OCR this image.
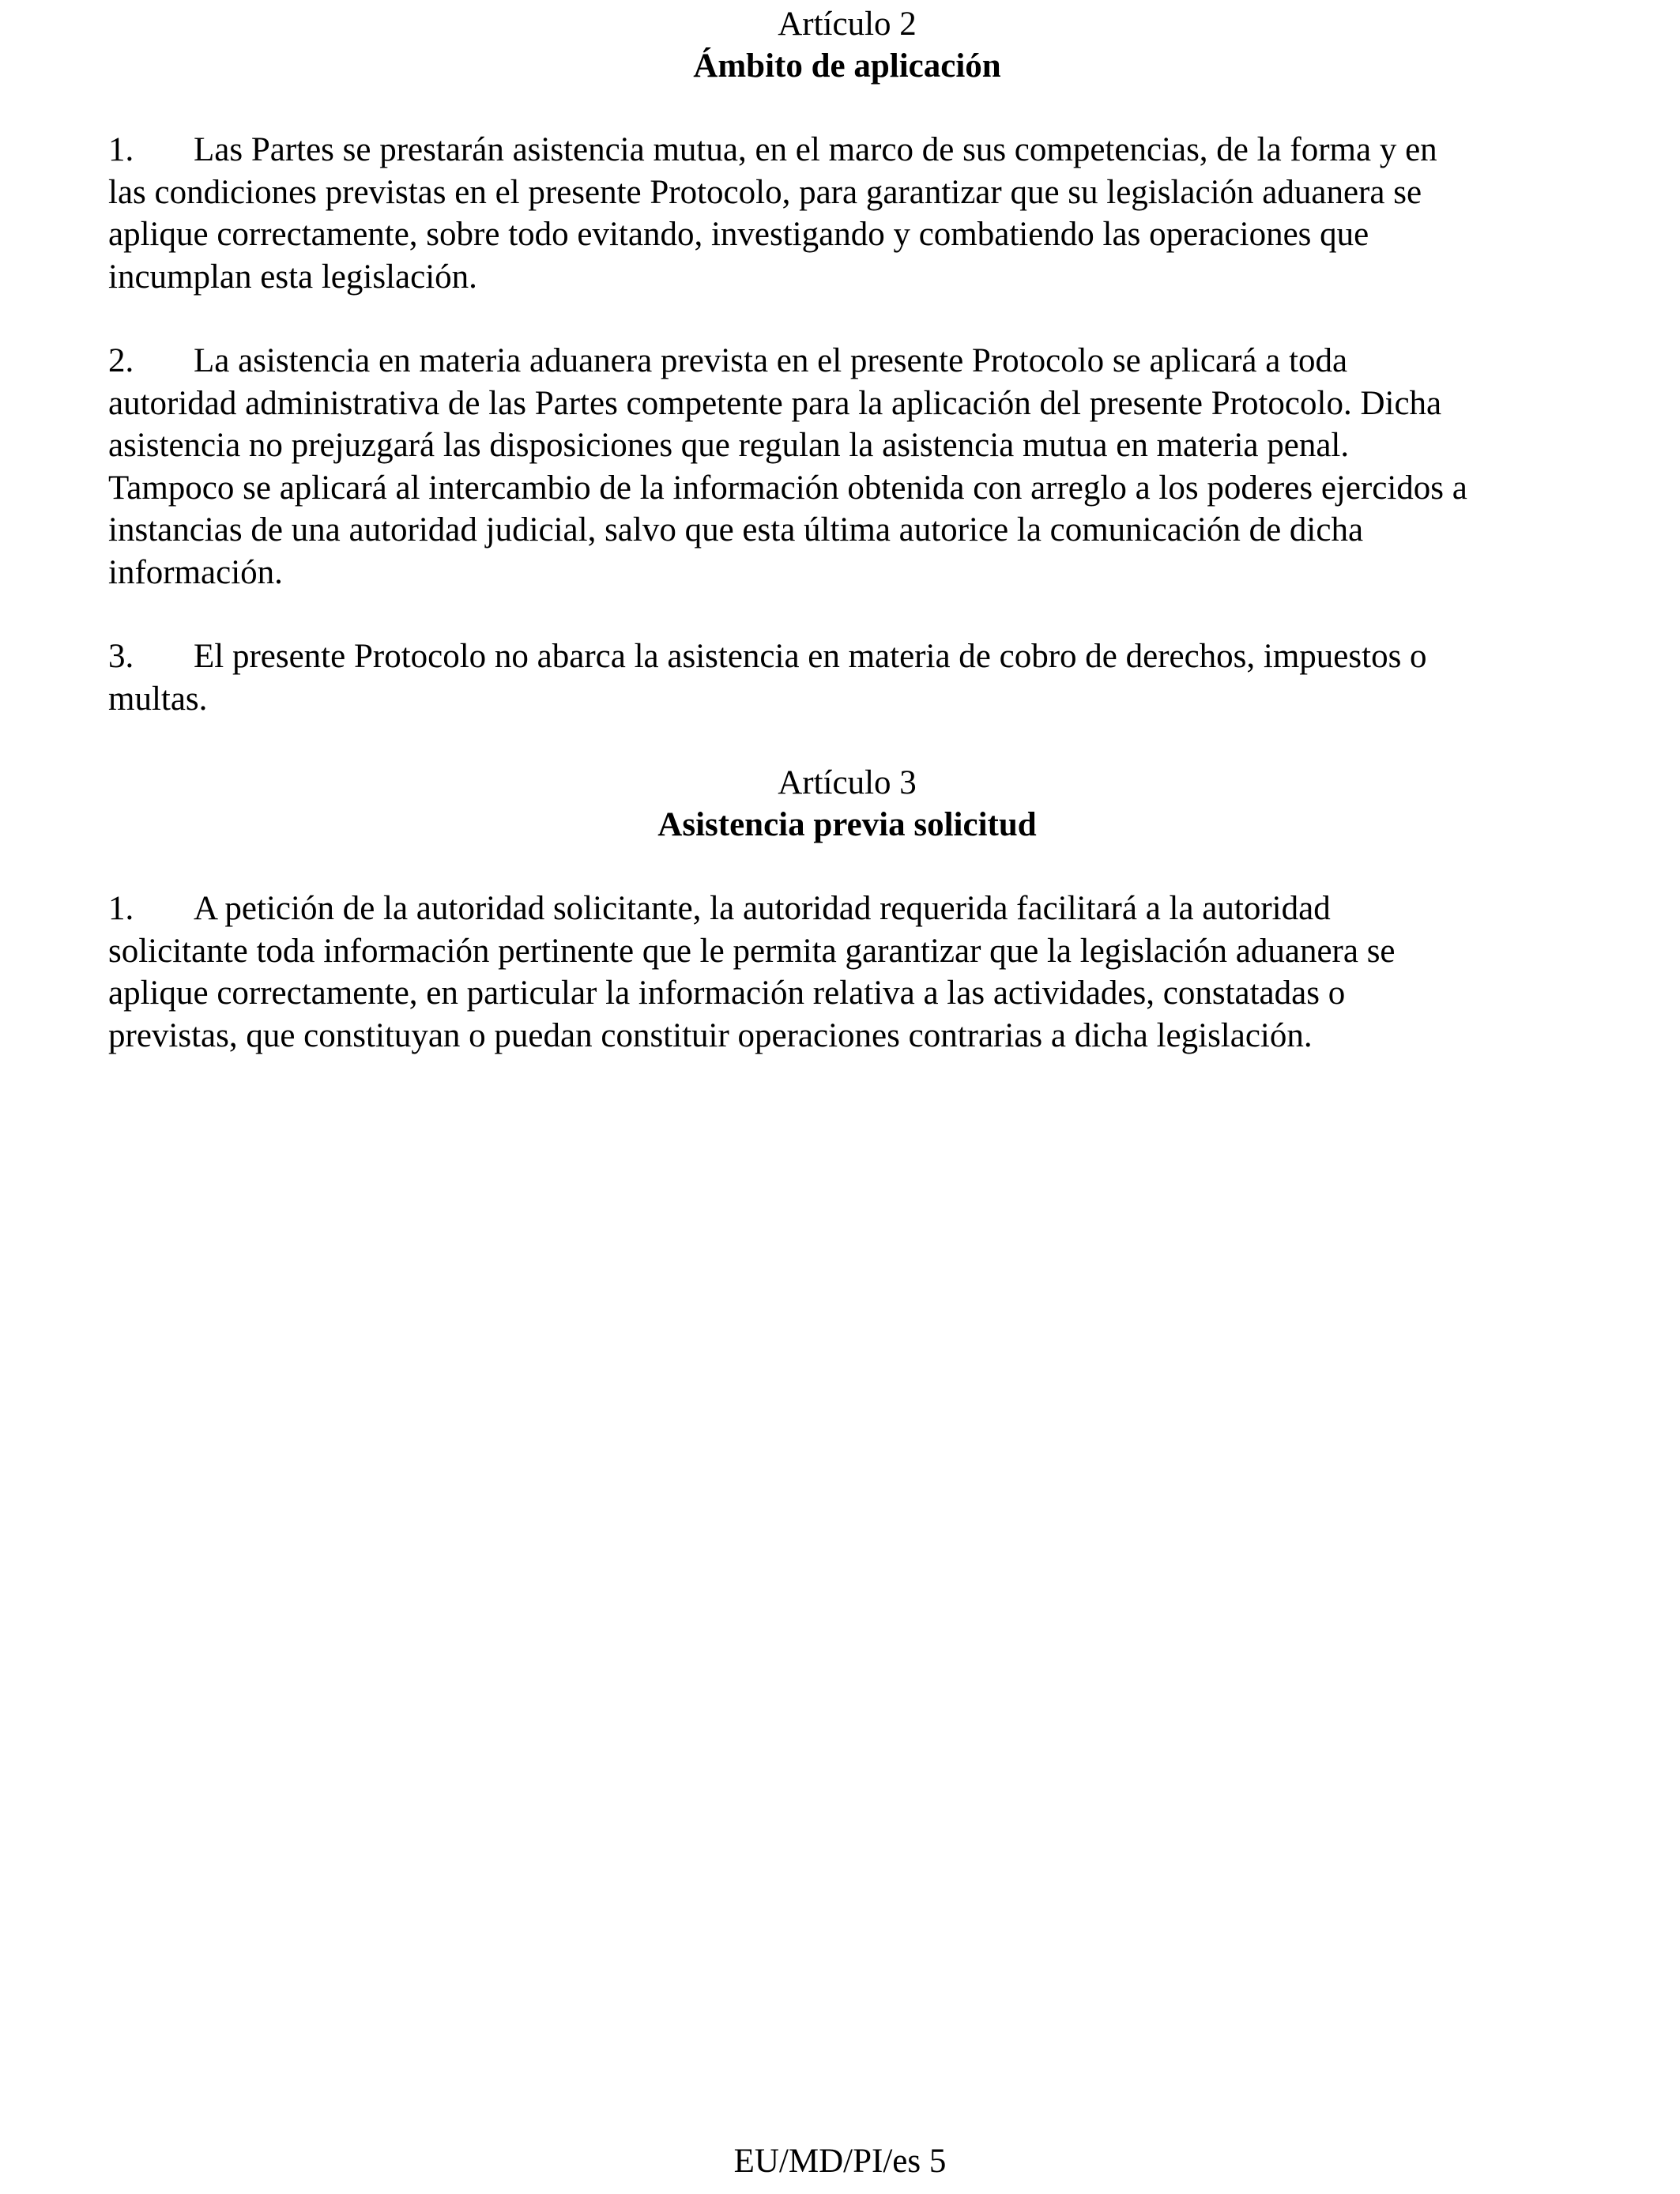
Artículo 2
Ámbito de aplicación
1. Las Partes se prestarán asistencia mutua, en el marco de sus competencias, de la forma y en
las condiciones previstas en el presente Protocolo, para garantizar que su legislación aduanera se
aplique correctamente, sobre todo evitando, investigando y combatiendo las operaciones que
incumplan esta legislación.
2. La asistencia en materia aduanera prevista en el presente Protocolo se aplicará a toda
autoridad administrativa de las Partes competente para la aplicación del presente Protocolo. Dicha
asistencia no prejuzgará las disposiciones que regulan la asistencia mutua en materia penal.
Tampoco se aplicará al intercambio de la información obtenida con arreglo a los poderes ejercidos a
instancias de una autoridad judicial, salvo que esta última autorice la comunicación de dicha
información.
3. El presente Protocolo no abarca la asistencia en materia de cobro de derechos, impuestos o
multas.
Artículo 3
Asistencia previa solicitud
1. A petición de la autoridad solicitante, la autoridad requerida facilitará a la autoridad
solicitante toda información pertinente que le permita garantizar que la legislación aduanera se
aplique correctamente, en particular la información relativa a las actividades, constatadas o
previstas, que constituyan o puedan constituir operaciones contrarias a dicha legislación.
EU/MD/PI/es 5
